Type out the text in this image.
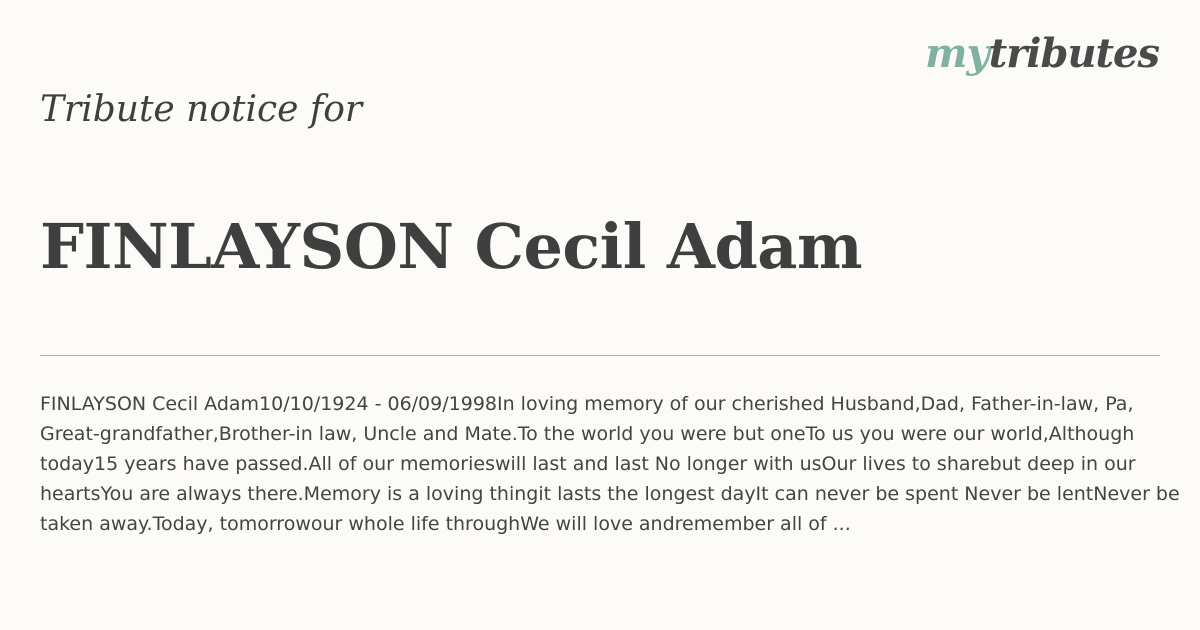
mytributes
Tribute notice for
FINLAYSON Cecil Adam

FINLAYSON Cecil Adam10/10/1924 - 06/09/1998In loving memory of our cherished Husband,Dad, Father-in-law, Pa, Great-grandfather,Brother-in law, Uncle and Mate.To the world you were but oneTo us you were our world,Although today15 years have passed.All of our memorieswill last and last No longer with usOur lives to sharebut deep in our heartsYou are always there.Memory is a loving thingit lasts the longest dayIt can never be spent Never be lentNever be taken away.Today, tomorrowour whole life throughWe will love andremember all of ...
